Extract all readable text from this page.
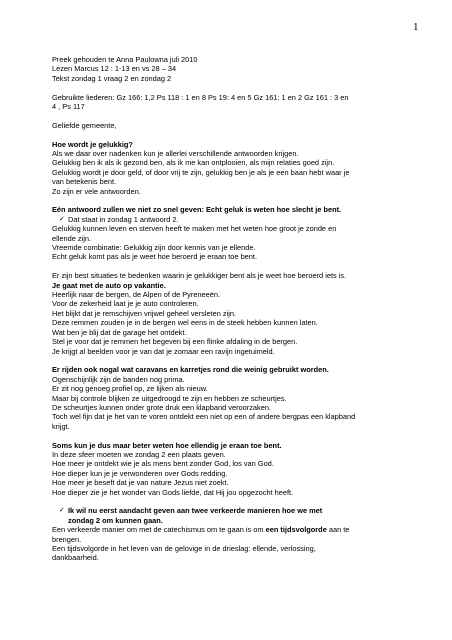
1

Preek gehouden te Anna Paulowna juli 2010

Lezen Marcus 12 : 1-13 en vs 28 – 34

Tekst zondag 1 vraag 2 en zondag 2

Gebruikte liederen: Gz 166: 1,2 Ps 118 : 1 en 8 Ps 19: 4 en 5 Gz 161: 1 en 2 Gz 161 : 3 en

4 , Ps 117

Geliefde gemeente,

Hoe wordt je gelukkig?

Als we daar over nadenken kun je allerlei verschillende antwoorden krijgen.

Gelukkig ben ik als ik gezond ben, als ik me kan ontplooien, als mijn relaties goed zijn.

Gelukkig wordt je door geld, of door vrij te zijn, gelukkig ben je als je een baan hebt waar je

van betekenis bent.

Zo zijn er vele antwoorden.

Eén antwoord zullen we niet zo snel geven: Echt geluk is weten hoe slecht je bent.

✓ Dat staat in zondag 1 antwoord 2.

Gelukkig kunnen leven en sterven heeft te maken met het weten hoe groot je zonde en

ellende zijn.

Vreemde combinatie: Gelukkig zijn door kennis van je ellende.

Echt geluk komt pas als je weet hoe beroerd je eraan toe bent.

Er zijn best situaties te bedenken waarin je gelukkiger bent als je weet hoe beroerd iets is.

Je gaat met de auto op vakantie.

Heerlijk naar de bergen, de Alpen of de Pyreneeën.

Voor de zekerheid laat je je auto controleren.

Het blijkt dat je remschijven vrijwel geheel versleten zijn.

Deze remmen zouden je in de bergen wel eens in de steek hebben kunnen laten.

Wat ben je blij dat de garage het ontdekt.

Stel je voor dat je remmen het begeven bij een flinke afdaling in de bergen.

Je krijgt al beelden voor je van dat je zomaar een ravijn ingetuimeld.

Er rijden ook nogal wat caravans en karretjes rond die weinig gebruikt worden.

Ogenschijnlijk zijn de banden nog prima.

Er zit nog genoeg profiel op, ze lijken als nieuw.

Maar bij controle blijken ze uitgedroogd te zijn en hebben ze scheurtjes.

De scheurtjes kunnen onder grote druk een klapband veroorzaken.

Toch wel fijn dat je het van te voren ontdekt een niet op een of andere bergpas een klapband

krijgt.

Soms kun je dus maar beter weten hoe ellendig je eraan toe bent.

In deze sfeer moeten we zondag 2 een plaats geven.

Hoe meer je ontdekt wie je als mens bent zonder God, los van God.

Hoe dieper kun je je verwonderen over Gods redding.

Hoe meer je beseft dat je van nature Jezus niet zoekt.

Hoe dieper zie je het wonder van Gods liefde, dat Hij jou opgezocht heeft.

✓ Ik wil nu eerst aandacht geven aan twee verkeerde manieren hoe we met

zondag 2 om kunnen gaan.

Een verkeerde manier om met de catechismus om te gaan is om een tijdsvolgorde aan te

brengen.

Een tijdsvolgorde in het leven van de gelovige in de drieslag: ellende, verlossing,

dankbaarheid.
